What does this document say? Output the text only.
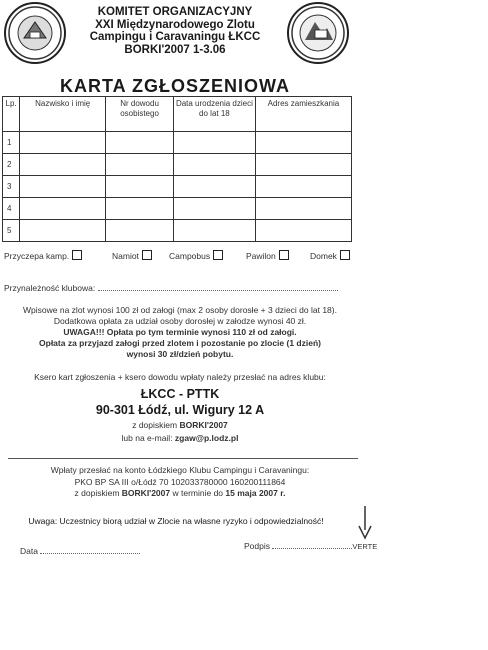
KOMITET ORGANIZACYJNY
XXI Międzynarodowego Zlotu
Campingu i Caravaningu ŁKCC
BORKI'2007 1-3.06
KARTA ZGŁOSZENIOWA
Lp.	Nazwisko i imię	Nr dowodu osobistego	Data urodzenia dzieci do lat 18	Adres zamieszkania
1				
2				
3				
4				
5				
Przyczepa kamp.	Namiot	Campobus	Pawilon	Domek
Przynależność klubowa:
Wpisowe na zlot wynosi 100 zł od załogi (max 2 osoby dorosłe + 3 dzieci do lat 18).
Dodatkowa opłata za udział osoby dorosłej w załodze wynosi 40 zł.
UWAGA!!! Opłata po tym terminie wynosi 110 zł od załogi.
Opłata za przyjazd załogi przed zlotem i pozostanie po zlocie (1 dzień)
wynosi 30 zł/dzień pobytu.
Ksero kart zgłoszenia + ksero dowodu wpłaty należy przesłać na adres klubu:
ŁKCC - PTTK
90-301 Łódź, ul. Wigury 12 A
z dopiskiem BORKI'2007
lub na e-mail: zgaw@p.lodz.pl
Wpłaty przesłać na konto Łódzkiego Klubu Campingu i Caravaningu:
PKO BP SA III o/Łódź 70 102033780000 160200111864
z dopiskiem BORKI'2007 w terminie do 15 maja 2007 r.
Uwaga: Uczestnicy biorą udział w Zlocie na własne ryzyko i odpowiedzialność!
Data	Podpis	VERTE
